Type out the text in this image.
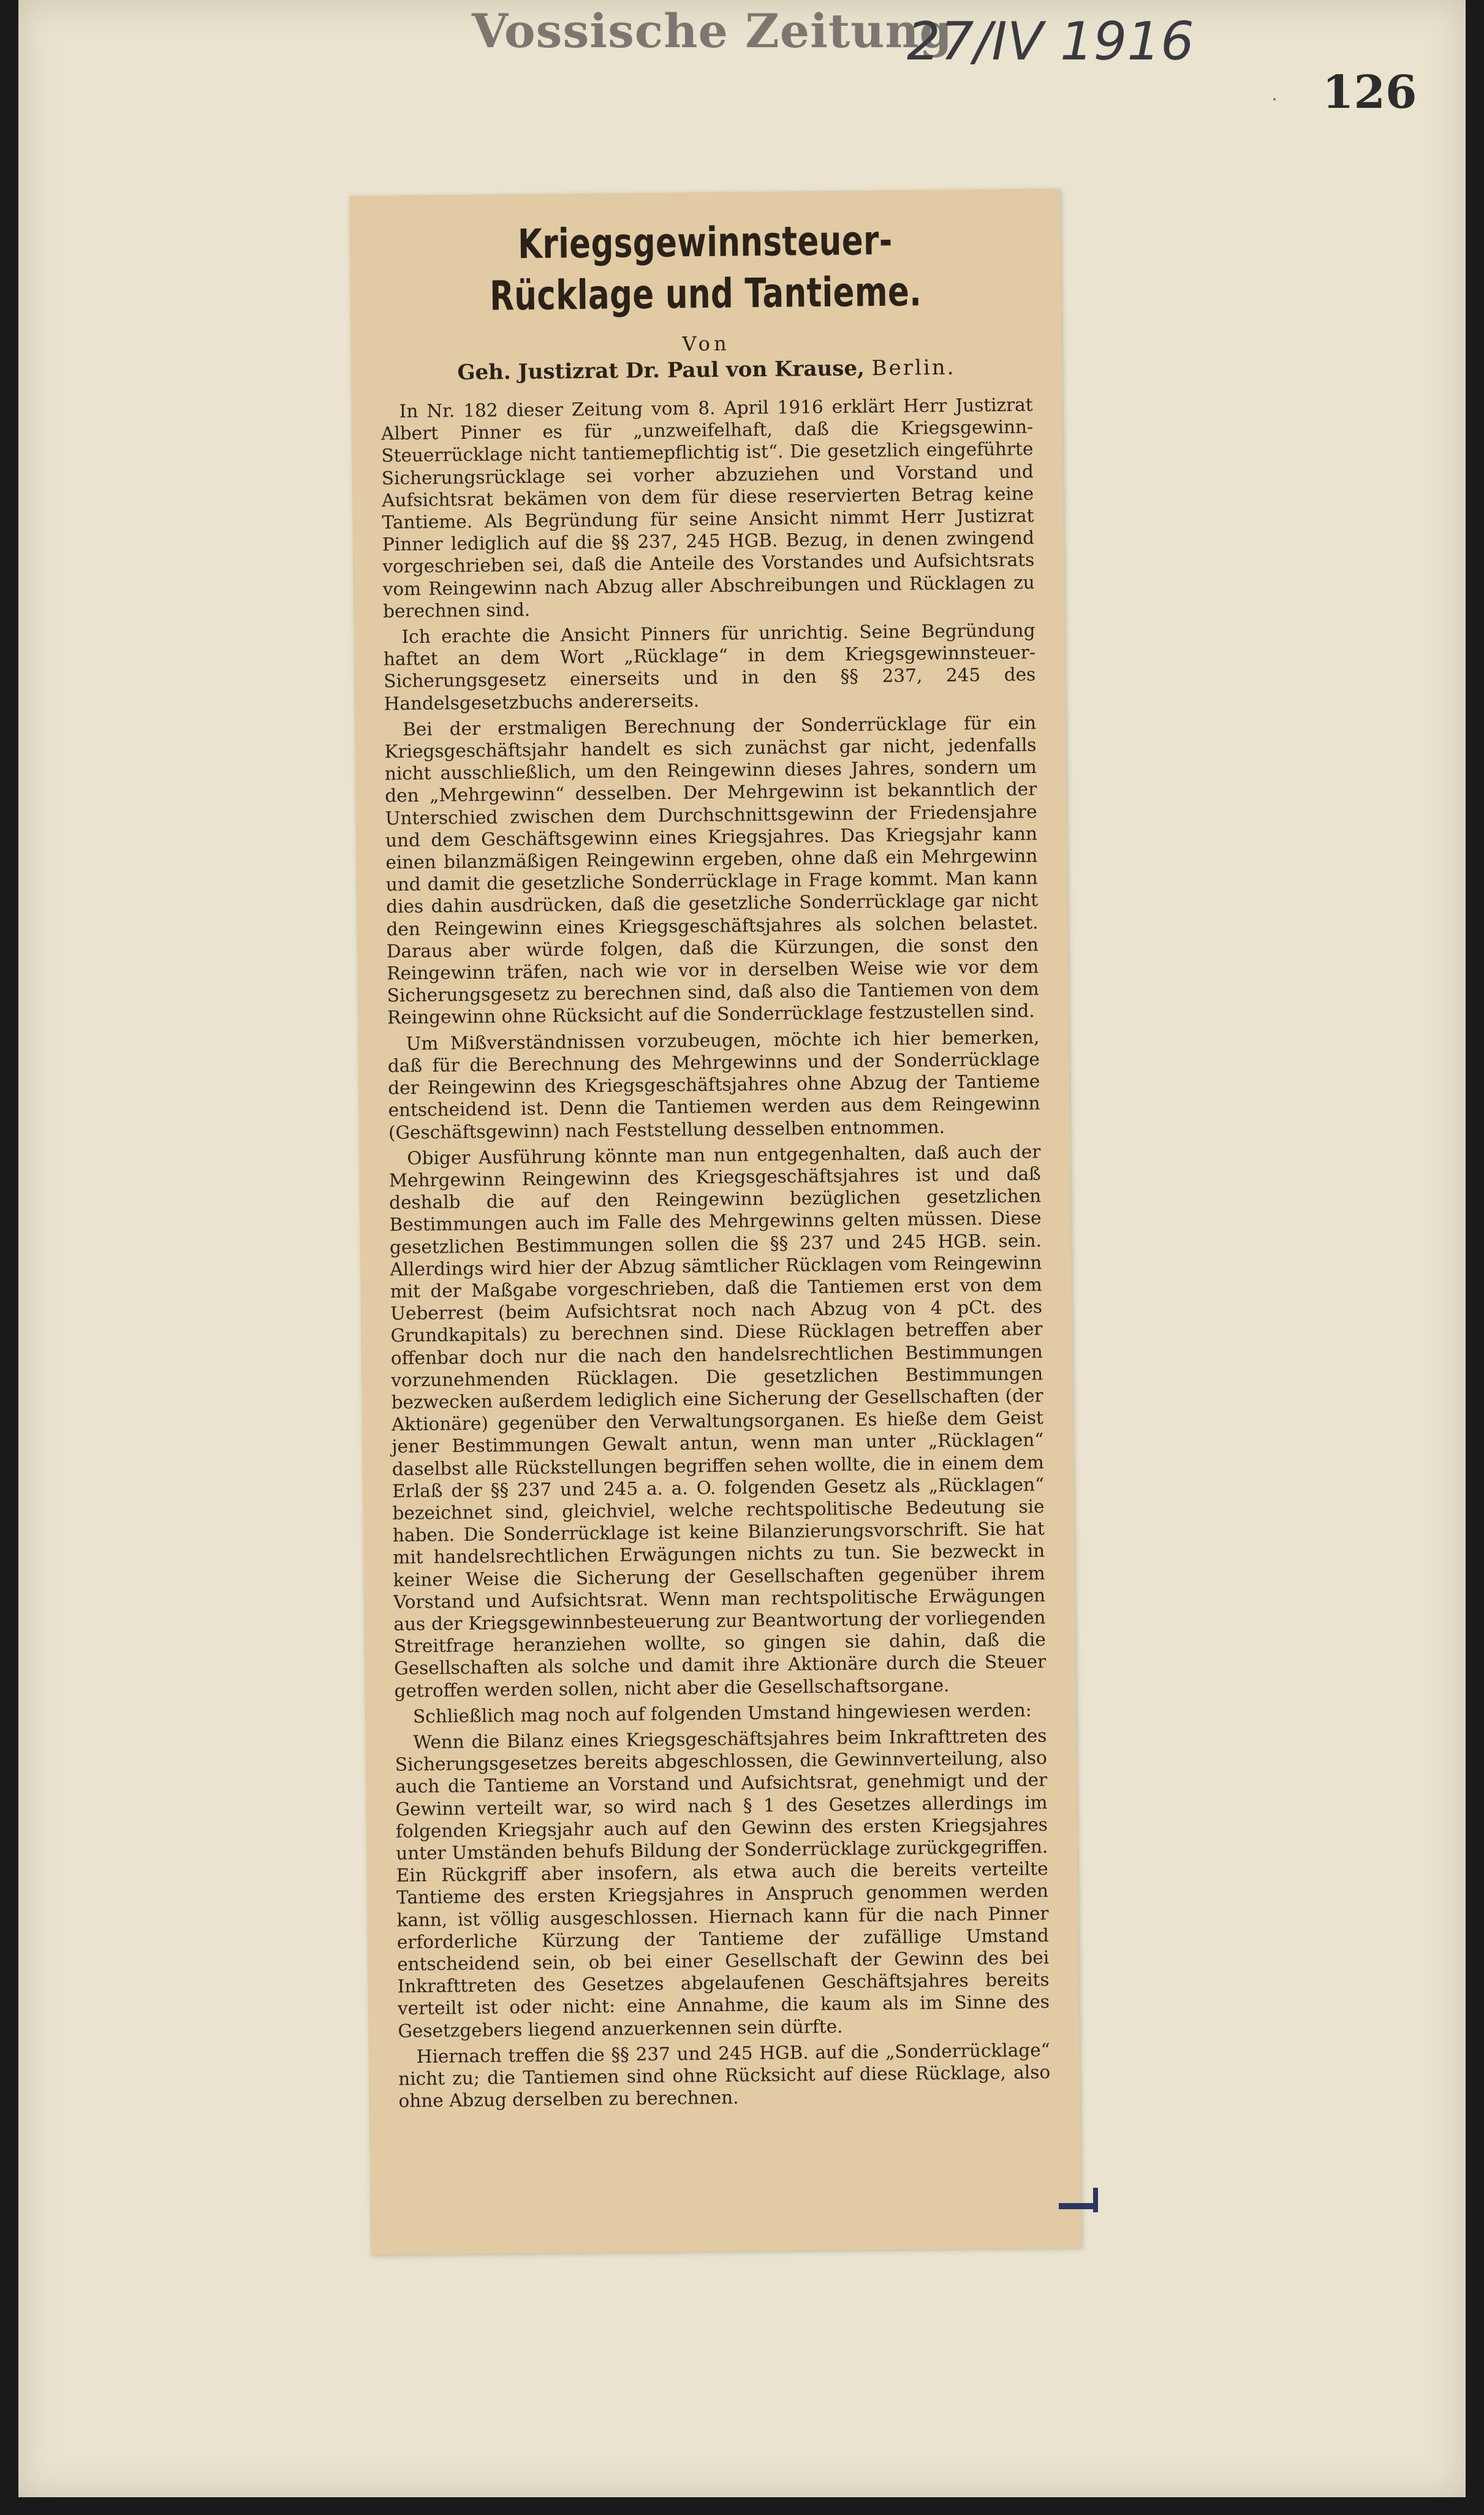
Vossische Zeitung
27/IV 1916
126
Kriegsgewinnsteuer-Rücklage und Tantieme.
Von
Geh. Justizrat Dr. Paul von Krause, Berlin.

In Nr. 182 dieser Zeitung vom 8. April 1916 erklärt Herr Justizrat Albert Pinner es für „unzweifelhaft, daß die Kriegsgewinn-Steuerrücklage nicht tantiemepflichtig ist“. Die gesetzlich eingeführte Sicherungsrücklage sei vorher abzuziehen und Vorstand und Aufsichtsrat bekämen von dem für diese reservierten Betrag keine Tantieme. Als Begründung für seine Ansicht nimmt Herr Justizrat Pinner lediglich auf die §§ 237, 245 HGB. Bezug, in denen zwingend vorgeschrieben sei, daß die Anteile des Vorstandes und Aufsichtsrats vom Reingewinn nach Abzug aller Abschreibungen und Rücklagen zu berechnen sind.

Ich erachte die Ansicht Pinners für unrichtig. Seine Begründung haftet an dem Wort „Rücklage“ in dem Kriegsgewinnsteuer-Sicherungsgesetz einerseits und in den §§ 237, 245 des Handelsgesetzbuchs andererseits.

Bei der erstmaligen Berechnung der Sonderrücklage für ein Kriegsgeschäftsjahr handelt es sich zunächst gar nicht, jedenfalls nicht ausschließlich, um den Reingewinn dieses Jahres, sondern um den „Mehrgewinn“ desselben. Der Mehrgewinn ist bekanntlich der Unterschied zwischen dem Durchschnittsgewinn der Friedensjahre und dem Geschäftsgewinn eines Kriegsjahres. Das Kriegsjahr kann einen bilanzmäßigen Reingewinn ergeben, ohne daß ein Mehrgewinn und damit die gesetzliche Sonderrücklage in Frage kommt. Man kann dies dahin ausdrücken, daß die gesetzliche Sonderrücklage gar nicht den Reingewinn eines Kriegsgeschäftsjahres als solchen belastet. Daraus aber würde folgen, daß die Kürzungen, die sonst den Reingewinn träfen, nach wie vor in derselben Weise wie vor dem Sicherungsgesetz zu berechnen sind, daß also die Tantiemen von dem Reingewinn ohne Rücksicht auf die Sonderrücklage festzustellen sind.

Um Mißverständnissen vorzubeugen, möchte ich hier bemerken, daß für die Berechnung des Mehrgewinns und der Sonderrücklage der Reingewinn des Kriegsgeschäftsjahres ohne Abzug der Tantieme entscheidend ist. Denn die Tantiemen werden aus dem Reingewinn (Geschäftsgewinn) nach Feststellung desselben entnommen.

Obiger Ausführung könnte man nun entgegenhalten, daß auch der Mehrgewinn Reingewinn des Kriegsgeschäftsjahres ist und daß deshalb die auf den Reingewinn bezüglichen gesetzlichen Bestimmungen auch im Falle des Mehrgewinns gelten müssen. Diese gesetzlichen Bestimmungen sollen die §§ 237 und 245 HGB. sein. Allerdings wird hier der Abzug sämtlicher Rücklagen vom Reingewinn mit der Maßgabe vorgeschrieben, daß die Tantiemen erst von dem Ueberrest (beim Aufsichtsrat noch nach Abzug von 4 pCt. des Grundkapitals) zu berechnen sind. Diese Rücklagen betreffen aber offenbar doch nur die nach den handelsrechtlichen Bestimmungen vorzunehmenden Rücklagen. Die gesetzlichen Bestimmungen bezwecken außerdem lediglich eine Sicherung der Gesellschaften (der Aktionäre) gegenüber den Verwaltungsorganen. Es hieße dem Geist jener Bestimmungen Gewalt antun, wenn man unter „Rücklagen“ daselbst alle Rückstellungen begriffen sehen wollte, die in einem dem Erlaß der §§ 237 und 245 a. a. O. folgenden Gesetz als „Rücklagen“ bezeichnet sind, gleichviel, welche rechtspolitische Bedeutung sie haben. Die Sonderrücklage ist keine Bilanzierungsvorschrift. Sie hat mit handelsrechtlichen Erwägungen nichts zu tun. Sie bezweckt in keiner Weise die Sicherung der Gesellschaften gegenüber ihrem Vorstand und Aufsichtsrat. Wenn man rechtspolitische Erwägungen aus der Kriegsgewinnbesteuerung zur Beantwortung der vorliegenden Streitfrage heranziehen wollte, so gingen sie dahin, daß die Gesellschaften als solche und damit ihre Aktionäre durch die Steuer getroffen werden sollen, nicht aber die Gesellschaftsorgane.

Schließlich mag noch auf folgenden Umstand hingewiesen werden:

Wenn die Bilanz eines Kriegsgeschäftsjahres beim Inkrafttreten des Sicherungsgesetzes bereits abgeschlossen, die Gewinnverteilung, also auch die Tantieme an Vorstand und Aufsichtsrat, genehmigt und der Gewinn verteilt war, so wird nach § 1 des Gesetzes allerdings im folgenden Kriegsjahr auch auf den Gewinn des ersten Kriegsjahres unter Umständen behufs Bildung der Sonderrücklage zurückgegriffen. Ein Rückgriff aber insofern, als etwa auch die bereits verteilte Tantieme des ersten Kriegsjahres in Anspruch genommen werden kann, ist völlig ausgeschlossen. Hiernach kann für die nach Pinner erforderliche Kürzung der Tantieme der zufällige Umstand entscheidend sein, ob bei einer Gesellschaft der Gewinn des bei Inkrafttreten des Gesetzes abgelaufenen Geschäftsjahres bereits verteilt ist oder nicht: eine Annahme, die kaum als im Sinne des Gesetzgebers liegend anzuerkennen sein dürfte.

Hiernach treffen die §§ 237 und 245 HGB. auf die „Sonderrücklage“ nicht zu; die Tantiemen sind ohne Rücksicht auf diese Rücklage, also ohne Abzug derselben zu berechnen.
